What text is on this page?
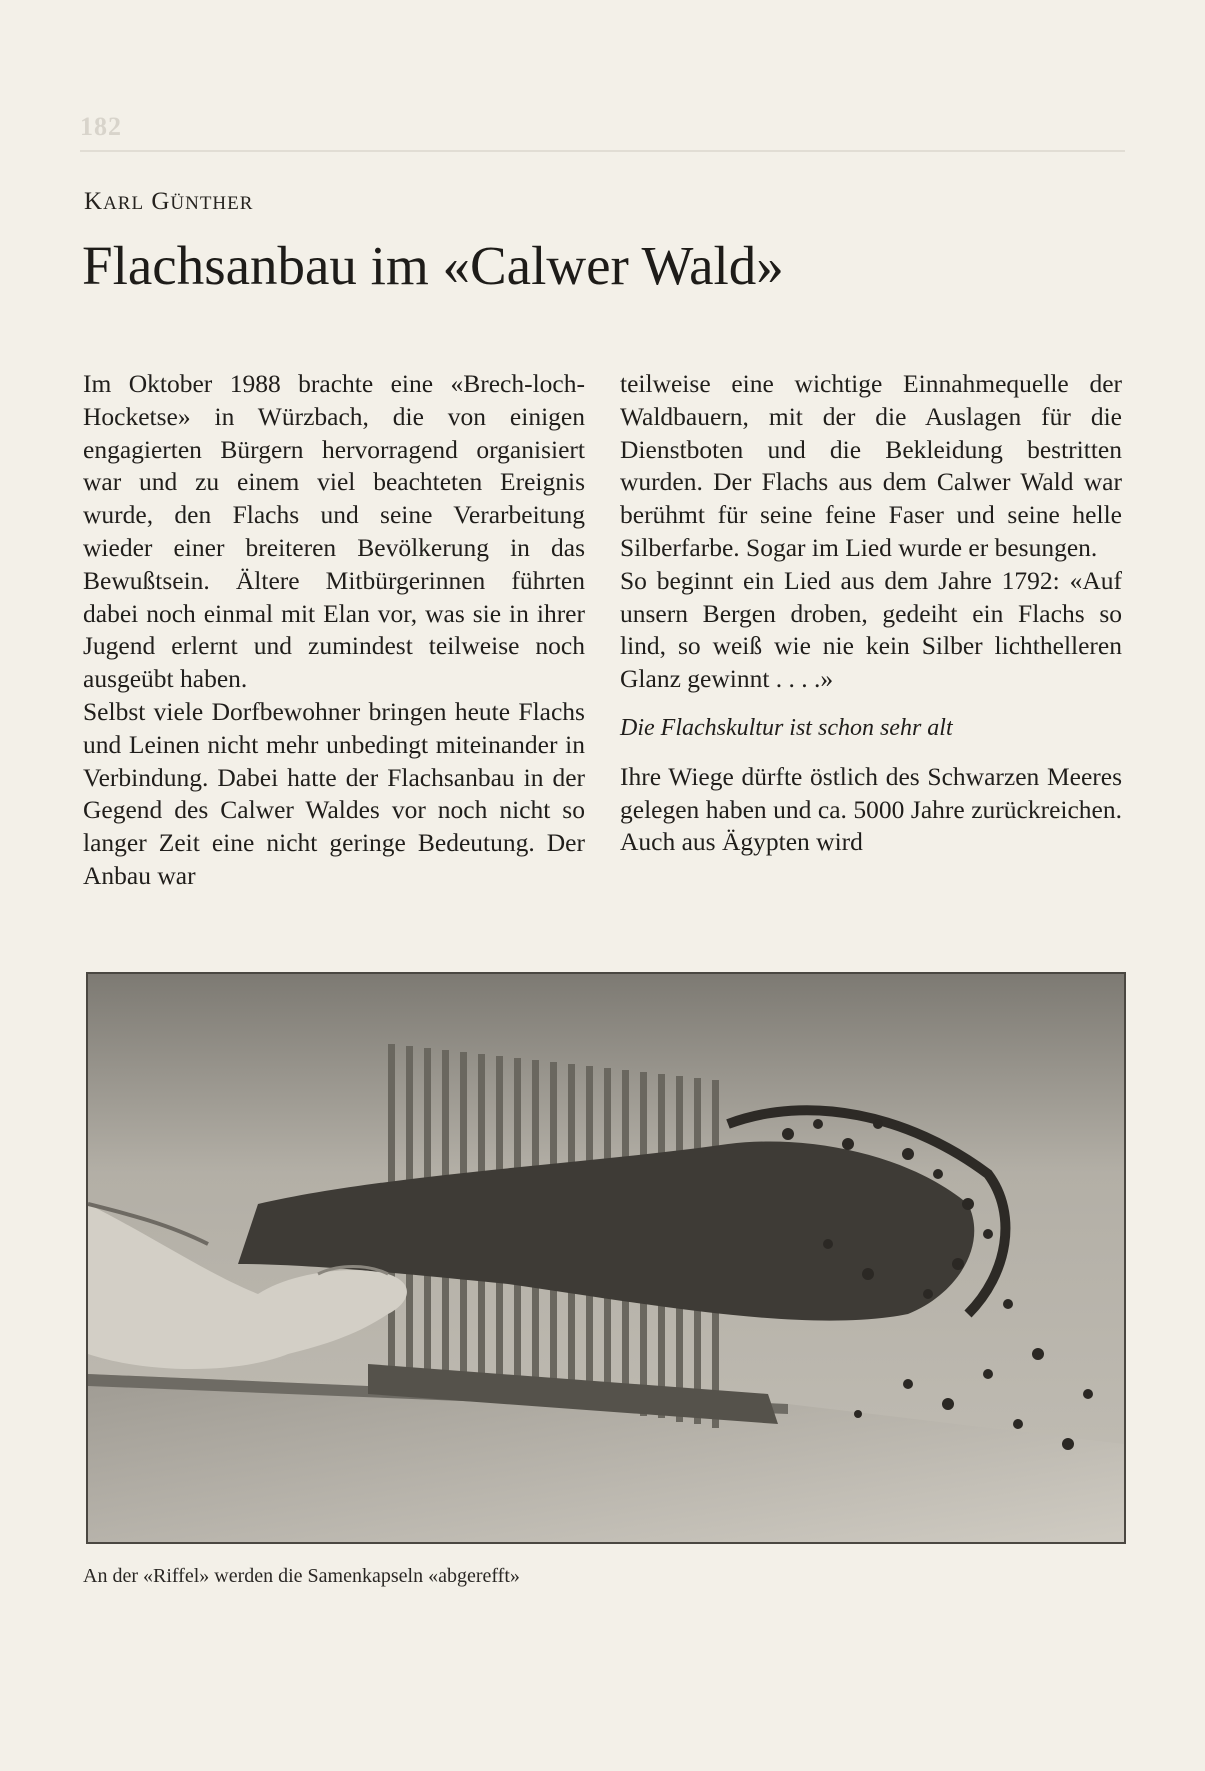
182
KARL GÜNTHER
Flachsanbau im «Calwer Wald»

Im Oktober 1988 brachte eine «Brech-loch-Hocketse» in Würzbach, die von einigen engagierten Bürgern hervorragend organisiert war und zu einem viel beachteten Ereignis wurde, den Flachs und seine Verarbeitung wieder einer breiteren Bevölkerung in das Bewußtsein. Ältere Mitbürgerinnen führten dabei noch einmal mit Elan vor, was sie in ihrer Jugend erlernt und zumindest teilweise noch ausgeübt haben.

Selbst viele Dorfbewohner bringen heute Flachs und Leinen nicht mehr unbedingt miteinander in Verbindung. Dabei hatte der Flachsanbau in der Gegend des Calwer Waldes vor noch nicht so langer Zeit eine nicht geringe Bedeutung. Der Anbau war

teilweise eine wichtige Einnahmequelle der Waldbauern, mit der die Auslagen für die Dienstboten und die Bekleidung bestritten wurden. Der Flachs aus dem Calwer Wald war berühmt für seine feine Faser und seine helle Silberfarbe. Sogar im Lied wurde er besungen.

So beginnt ein Lied aus dem Jahre 1792: «Auf unsern Bergen droben, gedeiht ein Flachs so lind, so weiß wie nie kein Silber lichthelleren Glanz gewinnt . . . .»

Die Flachskultur ist schon sehr alt

Ihre Wiege dürfte östlich des Schwarzen Meeres gelegen haben und ca. 5000 Jahre zurückreichen. Auch aus Ägypten wird

An der «Riffel» werden die Samenkapseln «abgerefft»
